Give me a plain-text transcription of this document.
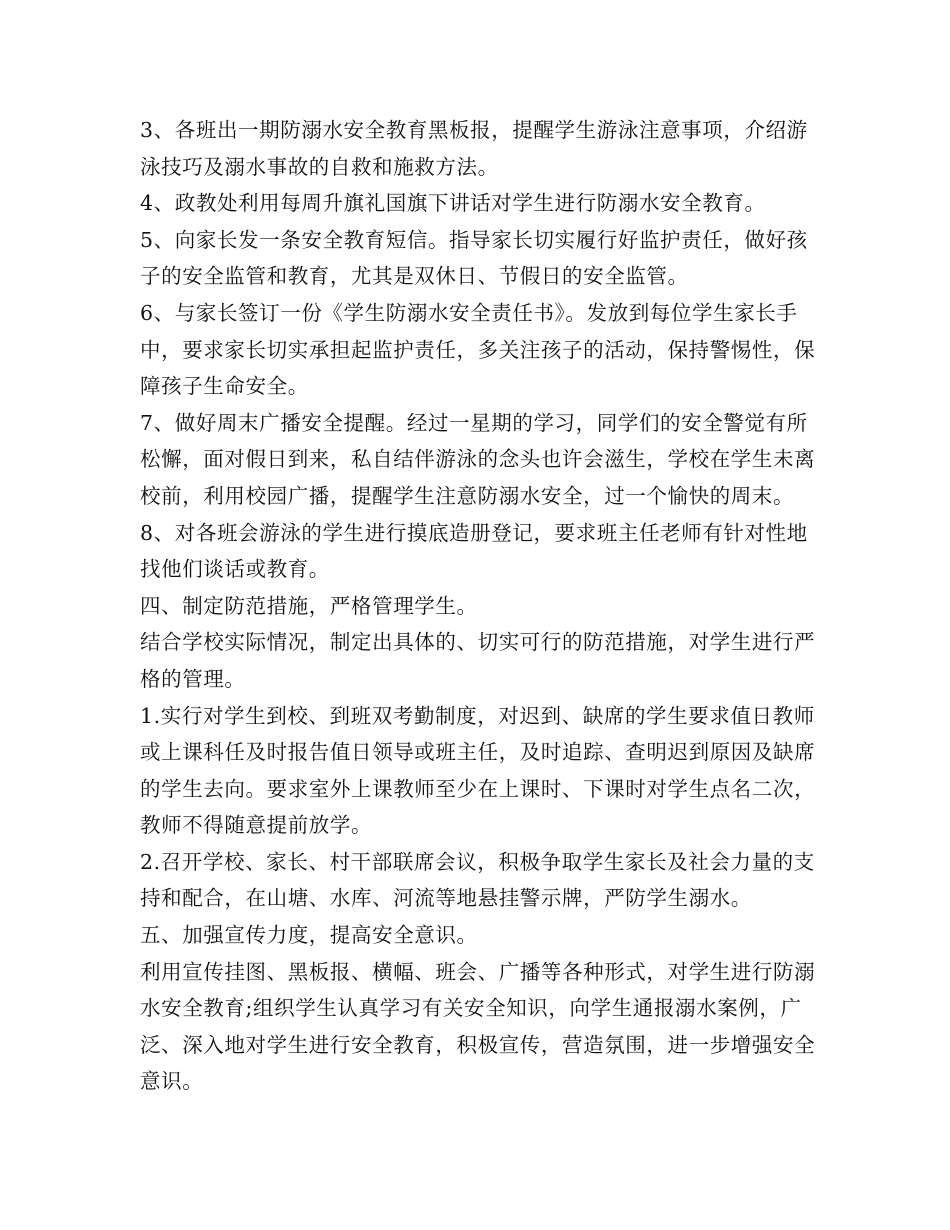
3、各班出一期防溺水安全教育黑板报，提醒学生游泳注意事项，介绍游泳技巧及溺水事故的自救和施救方法。

4、政教处利用每周升旗礼国旗下讲话对学生进行防溺水安全教育。

5、向家长发一条安全教育短信。指导家长切实履行好监护责任，做好孩子的安全监管和教育，尤其是双休日、节假日的安全监管。

6、与家长签订一份《学生防溺水安全责任书》。发放到每位学生家长手中，要求家长切实承担起监护责任，多关注孩子的活动，保持警惕性，保障孩子生命安全。

7、做好周末广播安全提醒。经过一星期的学习，同学们的安全警觉有所松懈，面对假日到来，私自结伴游泳的念头也许会滋生，学校在学生未离校前，利用校园广播，提醒学生注意防溺水安全，过一个愉快的周末。

8、对各班会游泳的学生进行摸底造册登记，要求班主任老师有针对性地找他们谈话或教育。

四、制定防范措施，严格管理学生。

结合学校实际情况，制定出具体的、切实可行的防范措施，对学生进行严格的管理。

1.实行对学生到校、到班双考勤制度，对迟到、缺席的学生要求值日教师或上课科任及时报告值日领导或班主任，及时追踪、查明迟到原因及缺席的学生去向。要求室外上课教师至少在上课时、下课时对学生点名二次，教师不得随意提前放学。

2.召开学校、家长、村干部联席会议，积极争取学生家长及社会力量的支持和配合，在山塘、水库、河流等地悬挂警示牌，严防学生溺水。

五、加强宣传力度，提高安全意识。

利用宣传挂图、黑板报、横幅、班会、广播等各种形式，对学生进行防溺水安全教育;组织学生认真学习有关安全知识，向学生通报溺水案例，广泛、深入地对学生进行安全教育，积极宣传，营造氛围，进一步增强安全意识。
